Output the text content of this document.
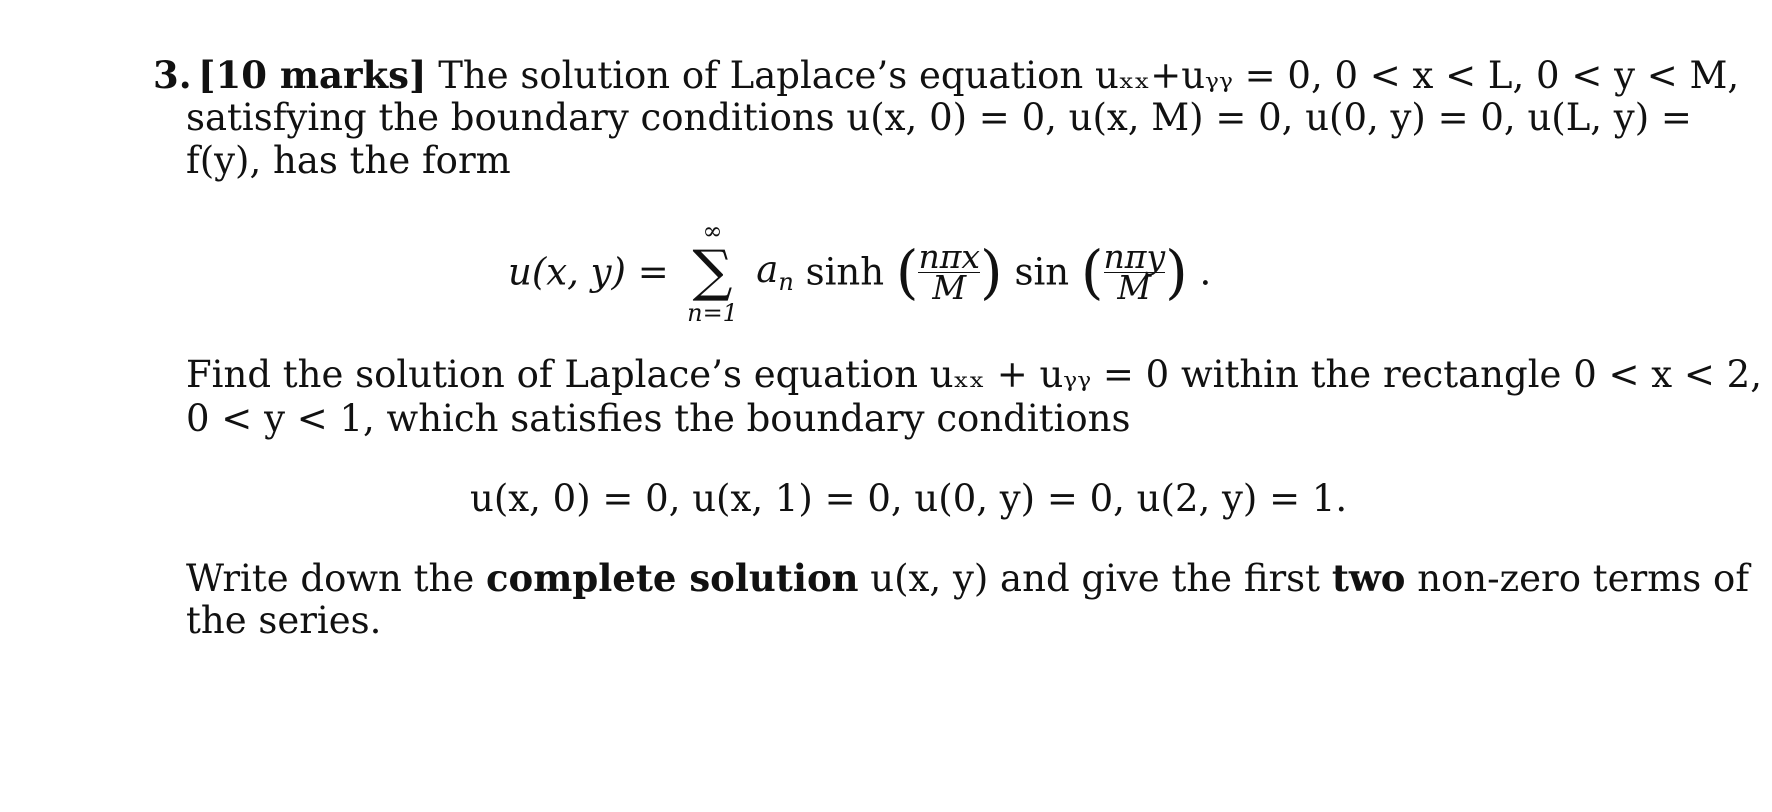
3. [10 marks] The solution of Laplace’s equation uₓₓ+uᵧᵧ = 0, 0 < x < L, 0 < y < M,
satisfying the boundary conditions u(x, 0) = 0, u(x, M) = 0, u(0, y) = 0, u(L, y) =
f(y), has the form
u(x, y) =
∞
∑
n=1
$a_n$ sinh ( $\frac{\text{nπx}}{M}$ ) sin ( $\frac{\text{nπy}}{M}$ ) .
Find the solution of Laplace’s equation uₓₓ + uᵧᵧ = 0 within the rectangle 0 < x < 2,
0 < y < 1, which satisfies the boundary conditions
u(x, 0) = 0, u(x, 1) = 0, u(0, y) = 0, u(2, y) = 1.
Write down the complete solution u(x, y) and give the first two non-zero terms of
the series.
